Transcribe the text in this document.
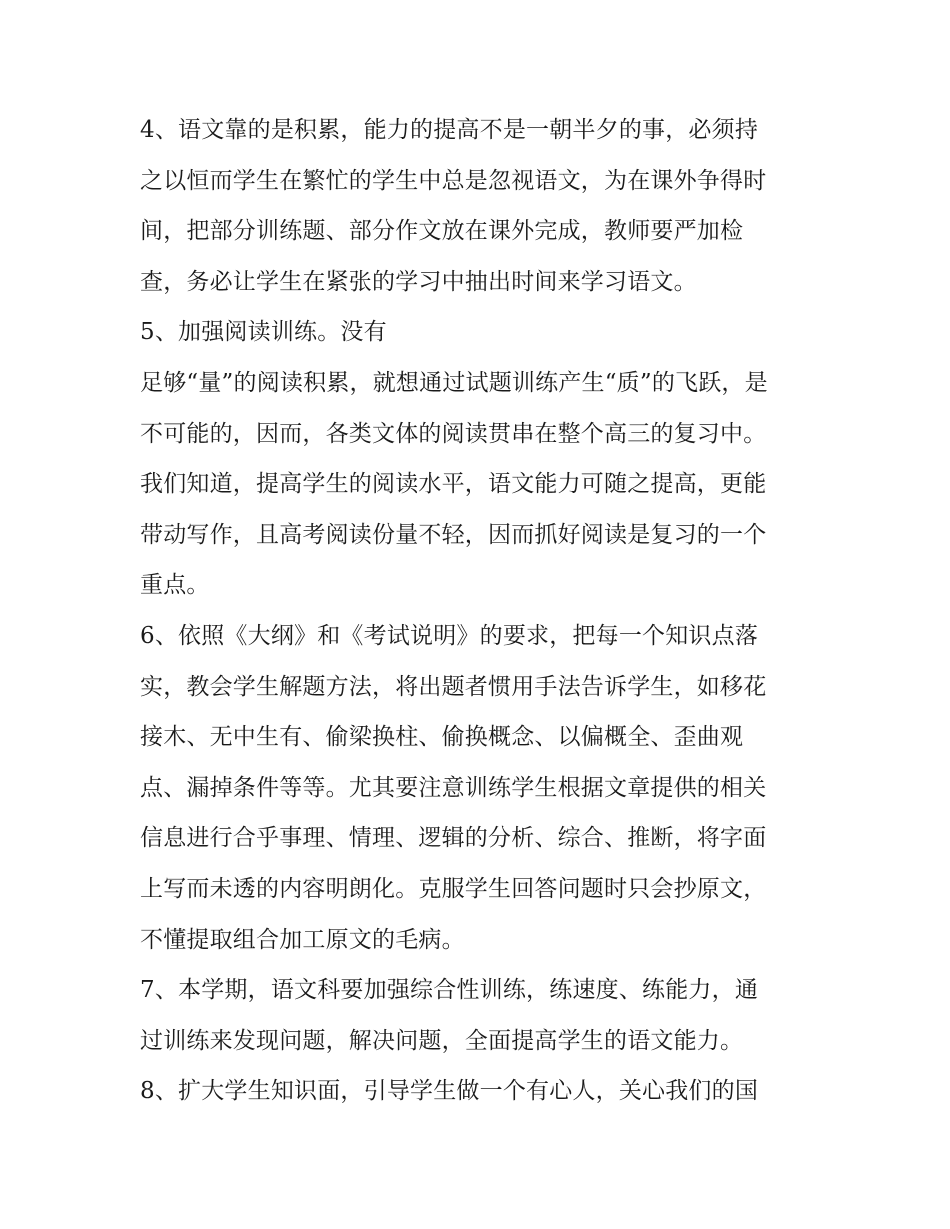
4、语文靠的是积累，能力的提高不是一朝半夕的事，必须持
之以恒而学生在繁忙的学生中总是忽视语文，为在课外争得时
间，把部分训练题、部分作文放在课外完成，教师要严加检
查，务必让学生在紧张的学习中抽出时间来学习语文。
5、加强阅读训练。没有
足够“量”的阅读积累，就想通过试题训练产生“质”的飞跃，是
不可能的，因而，各类文体的阅读贯串在整个高三的复习中。
我们知道，提高学生的阅读水平，语文能力可随之提高，更能
带动写作，且高考阅读份量不轻，因而抓好阅读是复习的一个
重点。
6、依照《大纲》和《考试说明》的要求，把每一个知识点落
实，教会学生解题方法，将出题者惯用手法告诉学生，如移花
接木、无中生有、偷梁换柱、偷换概念、以偏概全、歪曲观
点、漏掉条件等等。尤其要注意训练学生根据文章提供的相关
信息进行合乎事理、情理、逻辑的分析、综合、推断，将字面
上写而未透的内容明朗化。克服学生回答问题时只会抄原文，
不懂提取组合加工原文的毛病。
7、本学期，语文科要加强综合性训练，练速度、练能力，通
过训练来发现问题，解决问题，全面提高学生的语文能力。
8、扩大学生知识面，引导学生做一个有心人，关心我们的国
